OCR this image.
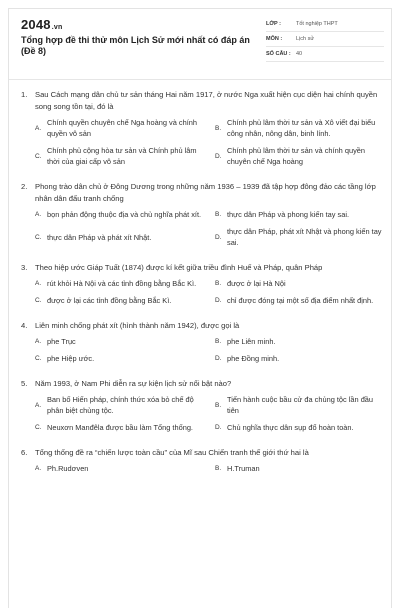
2048.vn
Tổng hợp đề thi thử môn Lịch Sử mới nhất có đáp án (Đề 8)
LỚP :	Tốt nghiệp THPT
MÔN :	Lịch sử
SỐ CÂU : 40
1.	Sau Cách mạng dân chủ tư sản tháng Hai năm 1917, ở nước Nga xuất hiện cục diện hai chính quyền song song tồn tại, đó là
A.
Chính quyền chuyên chế Nga hoàng và chính quyền vô sản
B.
Chính phủ lâm thời tư sản và Xô viết đại biểu công nhân, nông dân, binh lính.
C.
Chính phủ cộng hòa tư sản và Chính phủ lâm thời của giai cấp vô sản
D.
Chính phủ lâm thời tư sản và chính quyền chuyên chế Nga hoàng
2.	Phong trào dân chủ ở Đông Dương trong những năm 1936 – 1939 đã tập hợp đông đảo các tầng lớp nhân dân đấu tranh chống
A. bọn phản động thuộc địa và chủ nghĩa phát xít. B. thực dân Pháp và phong kiến tay sai.
C. thực dân Pháp và phát xít Nhật.	D.
thực dân Pháp, phát xít Nhật và phong kiến tay sai.
3.	Theo hiệp ước Giáp Tuất (1874) được kí kết giữa triều đình Huế và Pháp, quân Pháp
A. rút khỏi Hà Nội và các tỉnh đồng bằng Bắc Kì.	B. được ở lại Hà Nội
C. được ở lại các tỉnh đồng bằng Bắc Kì.	D. chỉ được đóng tại một số địa điểm nhất định.
4.	Liên minh chống phát xít (hình thành năm 1942), được gọi là
A. phe Trục	B. phe Liên minh.
C. phe Hiệp ước.	D. phe Đồng minh.
5.	Năm 1993, ở Nam Phi diễn ra sự kiện lịch sử nổi bật nào?
A.
Ban bố Hiến pháp, chính thức xóa bỏ chế độ phân biệt chủng tộc.
B.
Tiến hành cuộc bầu cử đa chủng tộc lần đầu tiên
C. Neuxơn Manđêla được bầu làm Tổng thống.	D. Chủ nghĩa thực dân sụp đổ hoàn toàn.
6.	Tổng thống đề ra “chiến lược toàn cầu” của Mĩ sau Chiến tranh thế giới thứ hai là
A. Ph.Rudơven	B. H.Truman
